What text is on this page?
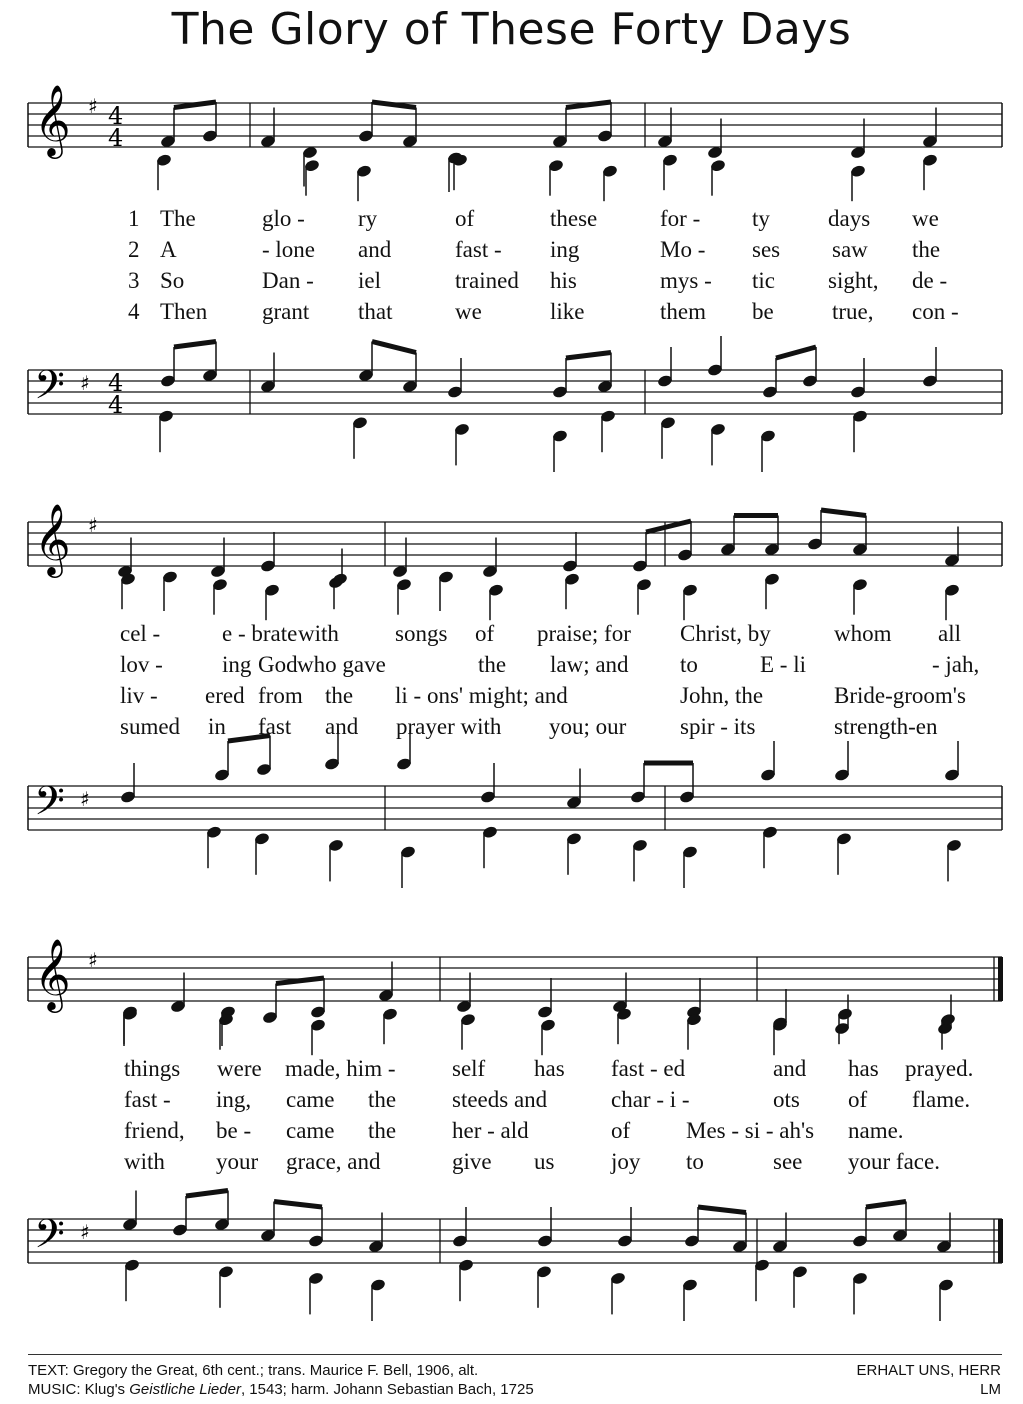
The Glory of These Forty Days
𝄞 ♯ 4
4
𝄢 ♯ 4
4
𝄞 ♯
𝄢 ♯
𝄞 ♯
𝄢 ♯
1
2
3
4
The	glo - ry	of	these	for - ty	days we
A	- lone and	fast - ing	Mo - ses saw the
So	Dan - iel	trained his	mys - tic sight, de -
Then grant that	we	like	them be	true, con -
cel -	e - brate with songs of praise; for Christ, by	whom all
lov -	ing God who gave	the law; and to	E - li	- jah,
liv - ered from the li - ons' might; and	John, the	Bride-groom's
sumed in fast and prayer with you; our spir - its	strength-en
things were made, him - self has fast - ed	and has prayed.
fast - ing, came the steeds and	char - i -	ots of flame.
friend, be - came the her - ald	of Mes - si - ah's name.
with your grace, and	give us joy to	see your face.
TEXT: Gregory the Great, 6th cent.; trans. Maurice F. Bell, 1906, alt.
MUSIC: Klug's Geistliche Lieder, 1543; harm. Johann Sebastian Bach, 1725
ERHALT UNS, HERR
LM
